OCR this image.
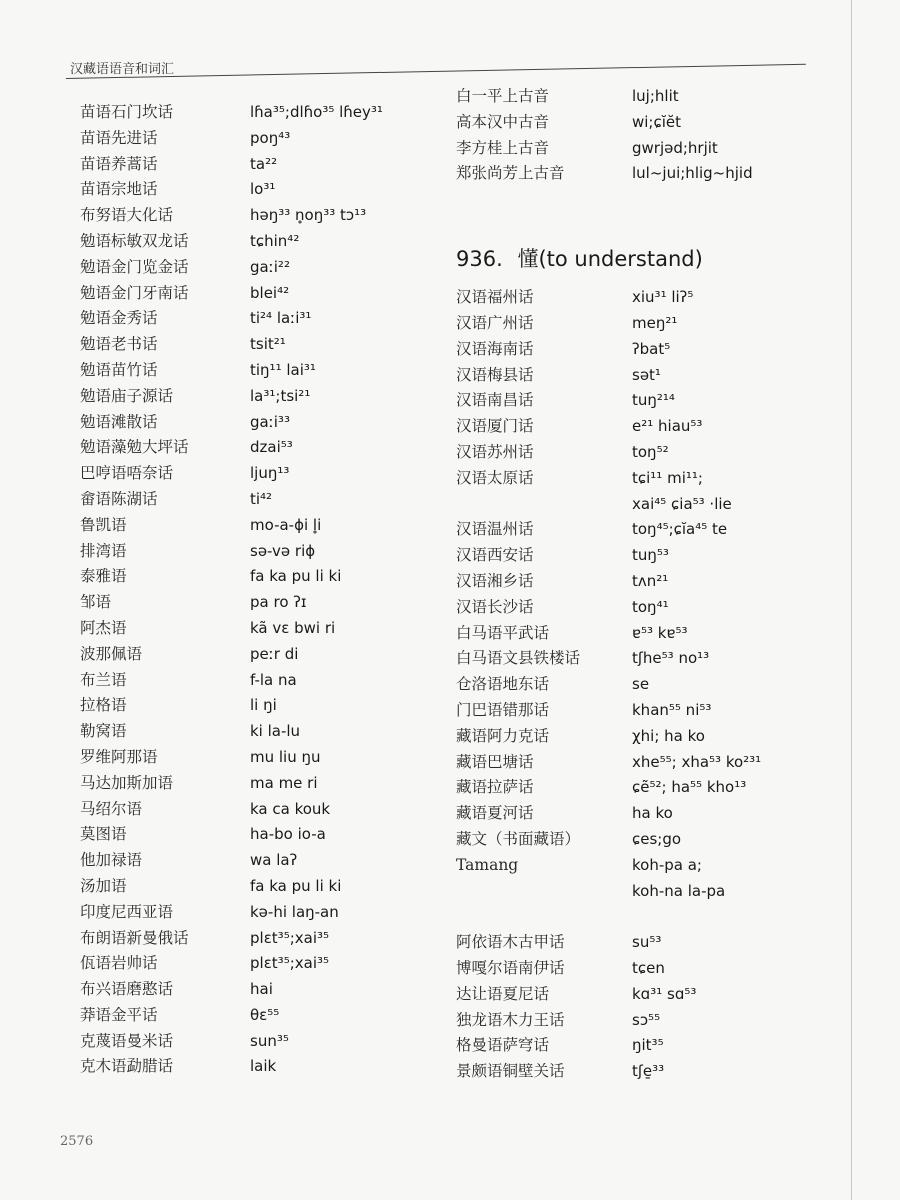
汉藏语语音和词汇
苗语石门坎话	lɦa³⁵;dlɦo³⁵ lɦey³¹
苗语先进话	poŋ⁴³
苗语养蒿话	ta²²
苗语宗地话	lo³¹
布努语大化话	həŋ³³ n̥oŋ³³ tɔ¹³
勉语标敏双龙话	tɕhin⁴²
勉语金门览金话	gaːi²²
勉语金门牙南话	blei⁴²
勉语金秀话	ti²⁴ laːi³¹
勉语老书话	tsit²¹
勉语苗竹话	tiŋ¹¹ lai³¹
勉语庙子源话	la³¹;tsi²¹
勉语滩散话	gaːi³³
勉语藻勉大坪话	dzai⁵³
巴哼语唔奈话	ljuŋ¹³
畲语陈湖话	ti⁴²
鲁凯语	mo-a-ɸi l̥i
排湾语	sə-və riɸ
泰雅语	fa ka pu li ki
邹语	pa ro ʔɪ
阿杰语	kã vɛ bwi ri
波那佩语	peːr di
布兰语	f-la na
拉格语	li ŋi
勒窝语	ki la-lu
罗维阿那语	mu liu ŋu
马达加斯加语	ma me ri
马绍尔语	ka ca kouk
莫图语	ha-bo io-a
他加禄语	wa laʔ
汤加语	fa ka pu li ki
印度尼西亚语	kə-hi laŋ-an
布朗语新曼俄话	plɛt³⁵;xai³⁵
佤语岩帅话	plɛt³⁵;xai³⁵
布兴语磨憨话	hai
莽语金平话	θɛ⁵⁵
克蔑语曼米话	sun³⁵
克木语勐腊话	laik
白一平上古音	luj;hlit
高本汉中古音	wi;ɕĭĕt
李方桂上古音	gwrjəd;hrjit
郑张尚芳上古音	lul~jui;hlig~hjid
936. 懂(to understand)
汉语福州话	xiu³¹ liʔ⁵
汉语广州话	meŋ²¹
汉语海南话	ʔbat⁵
汉语梅县话	sət¹
汉语南昌话	tuŋ²¹⁴
汉语厦门话	e²¹ hiau⁵³
汉语苏州话	toŋ⁵²
汉语太原话	tɕi¹¹ mi¹¹;
xai⁴⁵ ɕia⁵³ ·lie
汉语温州话	toŋ⁴⁵;ɕĭa⁴⁵ te
汉语西安话	tuŋ⁵³
汉语湘乡话	tʌn²¹
汉语长沙话	toŋ⁴¹
白马语平武话	ɐ⁵³ kɐ⁵³
白马语文县铁楼话	tʃhe⁵³ no¹³
仓洛语地东话	se
门巴语错那话	khan⁵⁵ ni⁵³
藏语阿力克话	χhi; ha ko
藏语巴塘话	xhe⁵⁵; xha⁵³ ko²³¹
藏语拉萨话	ɕẽ⁵²; ha⁵⁵ kho¹³
藏语夏河话	ha ko
藏文（书面藏语）	ɕes;go
Tamang	koh-pa a;
koh-na la-pa
阿依语木古甲话	su⁵³
博嘎尔语南伊话	tɕen
达让语夏尼话	kɑ³¹ sɑ⁵³
独龙语木力王话	sɔ⁵⁵
格曼语萨穹话	ŋit³⁵
景颇语铜壁关话	tʃe̱³³
2576
